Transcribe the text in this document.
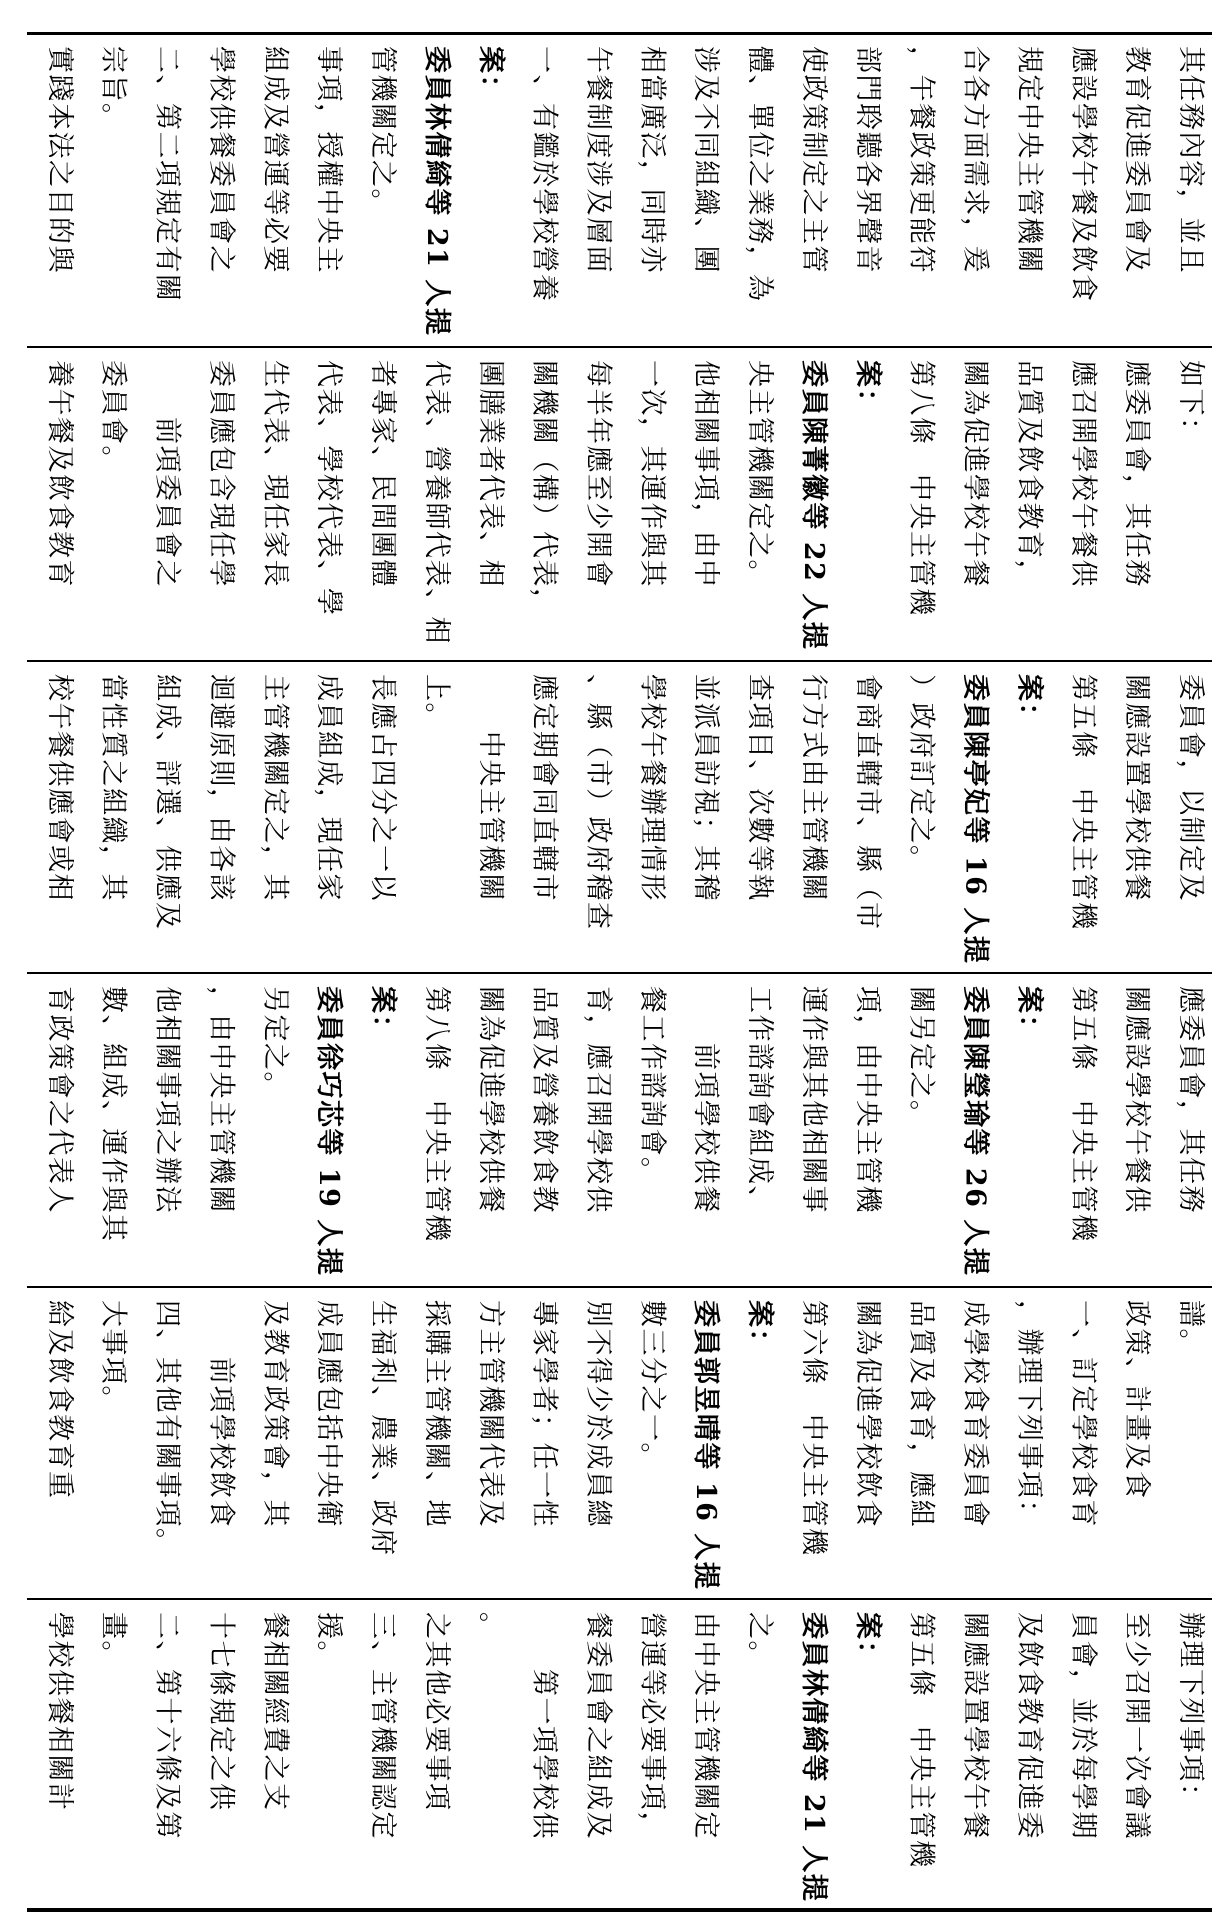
實踐本法之目的與 宗旨。 二、第二項規定有關 學校供餐委員會之 組成及營運等必要 事項，授權中央主 管機關定之。 委員林倩綺等 21 人提 案： 一、有鑑於學校營養 午餐制度涉及層面 相當廣泛，同時亦 涉及不同組織、團 體、單位之業務，為 使政策制定之主管 部門聆聽各界聲音 ，午餐政策更能符 合各方面需求，爰 規定中央主管機關 應設學校午餐及飲食 教育促進委員會及 其任務內容，並且
養午餐及飲食教育 委員會。 　　前項委員會之 委員應包含現任學 生代表、現任家長 代表、學校代表、學 者專家、民間團體 代表、營養師代表、相 團膳業者代表、相 關機關（構）代表， 每半年應至少開會 一次，其運作與其 他相關事項，由中 央主管機關定之。 委員陳菁徽等 22 人提 案： 第八條　中央主管機 關為促進學校午餐 品質及飲食教育， 應召開學校午餐供 應委員會，其任務 如下：
校午餐供應會或相 當性質之組織，其 組成、評選、供應及 迴避原則，由各該 主管機關定之，其 成員組成，現任家 長應占四分之一以 上。 　　中央主管機關 應定期會同直轄市 、縣（市）政府稽查 學校午餐辦理情形 並派員訪視；其稽 查項目、次數等執 行方式由主管機關 會商直轄市、縣（市 ）政府訂定之。 委員陳亭妃等 16 人提 案： 第五條　中央主管機 關應設置學校供餐 委員會，以制定及
育政策會之代表人 數、組成、運作與其 他相關事項之辦法 ，由中央主管機關 另定之。 委員徐巧芯等 19 人提 案： 第八條　中央主管機 關為促進學校供餐 品質及營養飲食教 育，應召開學校供 餐工作諮詢會。 　　前項學校供餐 工作諮詢會組成、 運作與其他相關事 項，由中央主管機 關另定之。 委員陳瑩瑜等 26 人提 案： 第五條　中央主管機 關應設學校午餐供 應委員會，其任務
給及飲食教育重 大事項。 四、其他有關事項。 　　前項學校飲食 及教育政策會，其 成員應包括中央衛 生福利、農業、政府 採購主管機關、地 方主管機關代表及 專家學者；任一性 別不得少於成員總 數三分之一。 委員郭昱晴等 16 人提 案： 第六條　中央主管機 關為促進學校飲食 品質及食育，應組 成學校食育委員會 ，辦理下列事項： 一、訂定學校食育 政策、計畫及食 譜。
學校供餐相關計 畫。 二、第十六條及第 十七條規定之供 餐相關經費之支 援。 三、主管機關認定 之其他必要事項 。 　　第一項學校供 餐委員會之組成及 營運等必要事項， 由中央主管機關定 之。 委員林倩綺等 21 人提 案： 第五條　中央主管機 關應設置學校午餐 及飲食教育促進委 員會，並於每學期 至少召開一次會議 辦理下列事項：
